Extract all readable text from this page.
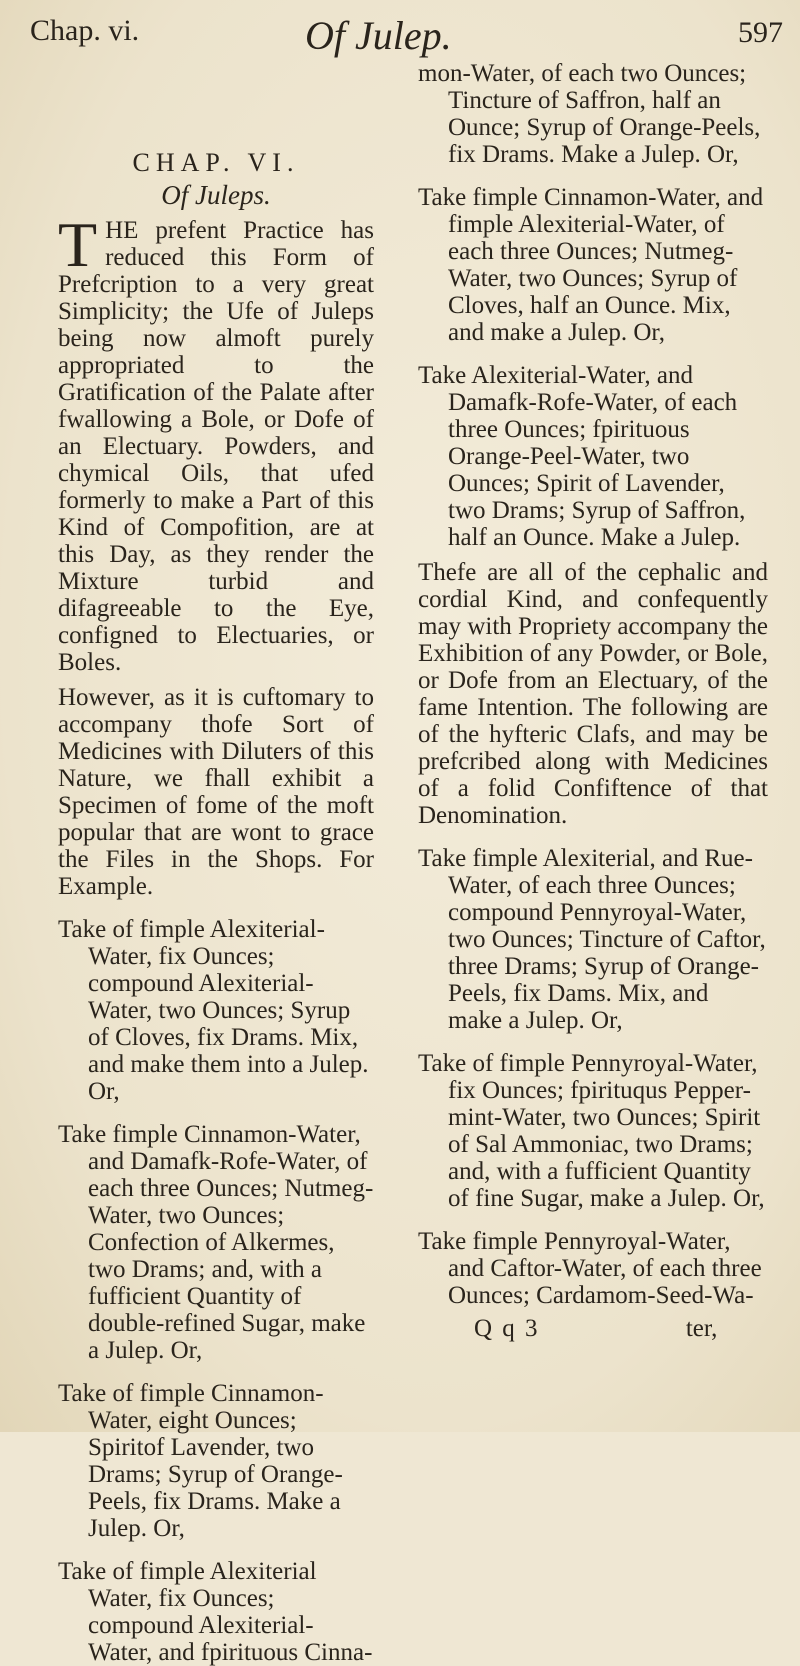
Chap. vi.	Of Julep.	597
CHAP. VI.
Of Juleps.

THE prefent Practice has reduced this Form of Prefcription to a very great Simplicity; the Ufe of Juleps being now almoft purely appropriated to the Gratification of the Palate after fwallowing a Bole, or Dofe of an Electuary. Powders, and chymical Oils, that ufed formerly to make a Part of this Kind of Compofition, are at this Day, as they render the Mixture turbid and difagreeable to the Eye, configned to Electuaries, or Boles.

However, as it is cuftomary to accompany thofe Sort of Medicines with Diluters of this Nature, we fhall exhibit a Specimen of fome of the moft popular that are wont to grace the Files in the Shops. For Example.

Take of fimple Alexiterial-Water, fix Ounces; compound Alexiterial-Water, two Ounces; Syrup of Cloves, fix Drams. Mix, and make them into a Julep. Or,

Take fimple Cinnamon-Water, and Damafk-Rofe-Water, of each three Ounces; Nutmeg-Water, two Ounces; Confection of Alkermes, two Drams; and, with a fufficient Quantity of double-refined Sugar, make a Julep. Or,

Take of fimple Cinnamon-Water, eight Ounces; Spiritof Lavender, two Drams; Syrup of Orange-Peels, fix Drams. Make a Julep. Or,

Take of fimple Alexiterial Water, fix Ounces; compound Alexiterial-Water, and fpirituous Cinna-

mon-Water, of each two Ounces; Tincture of Saffron, half an Ounce; Syrup of Orange-Peels, fix Drams. Make a Julep. Or,

Take fimple Cinnamon-Water, and fimple Alexiterial-Water, of each three Ounces; Nutmeg-Water, two Ounces; Syrup of Cloves, half an Ounce. Mix, and make a Julep. Or,

Take Alexiterial-Water, and Damafk-Rofe-Water, of each three Ounces; fpirituous Orange-Peel-Water, two Ounces; Spirit of Lavender, two Drams; Syrup of Saffron, half an Ounce. Make a Julep.

Thefe are all of the cephalic and cordial Kind, and confequently may with Propriety accompany the Exhibition of any Powder, or Bole, or Dofe from an Electuary, of the fame Intention. The following are of the hyfteric Clafs, and may be prefcribed along with Medicines of a folid Confiftence of that Denomination.

Take fimple Alexiterial, and Rue-Water, of each three Ounces; compound Pennyroyal-Water, two Ounces; Tincture of Caftor, three Drams; Syrup of Orange-Peels, fix Dams. Mix, and make a Julep. Or,

Take of fimple Pennyroyal-Water, fix Ounces; fpirituqus Pepper-mint-Water, two Ounces; Spirit of Sal Ammoniac, two Drams; and, with a fufficient Quantity of fine Sugar, make a Julep. Or,

Take fimple Pennyroyal-Water, and Caftor-Water, of each three Ounces; Cardamom-Seed-Wa-

Q q 3	ter,
